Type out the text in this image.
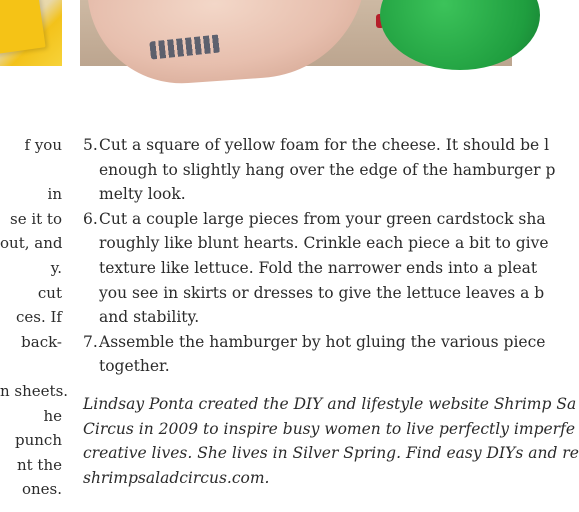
f you

in
se it to
out, and
y.
cut
ces. If
back-

n sheets.
he
punch
nt the
ones.
5. Cut a square of yellow foam for the cheese. It should be l
enough to slightly hang over the edge of the hamburger p
melty look.
6. Cut a couple large pieces from your green cardstock sha
roughly like blunt hearts. Crinkle each piece a bit to give
texture like lettuce. Fold the narrower ends into a pleat
you see in skirts or dresses to give the lettuce leaves a b
and stability.
7. Assemble the hamburger by hot gluing the various piece
together.
Lindsay Ponta created the DIY and lifestyle website Shrimp Sa
Circus in 2009 to inspire busy women to live perfectly imperfe
creative lives. She lives in Silver Spring. Find easy DIYs and re
shrimpsaladcircus.com.
